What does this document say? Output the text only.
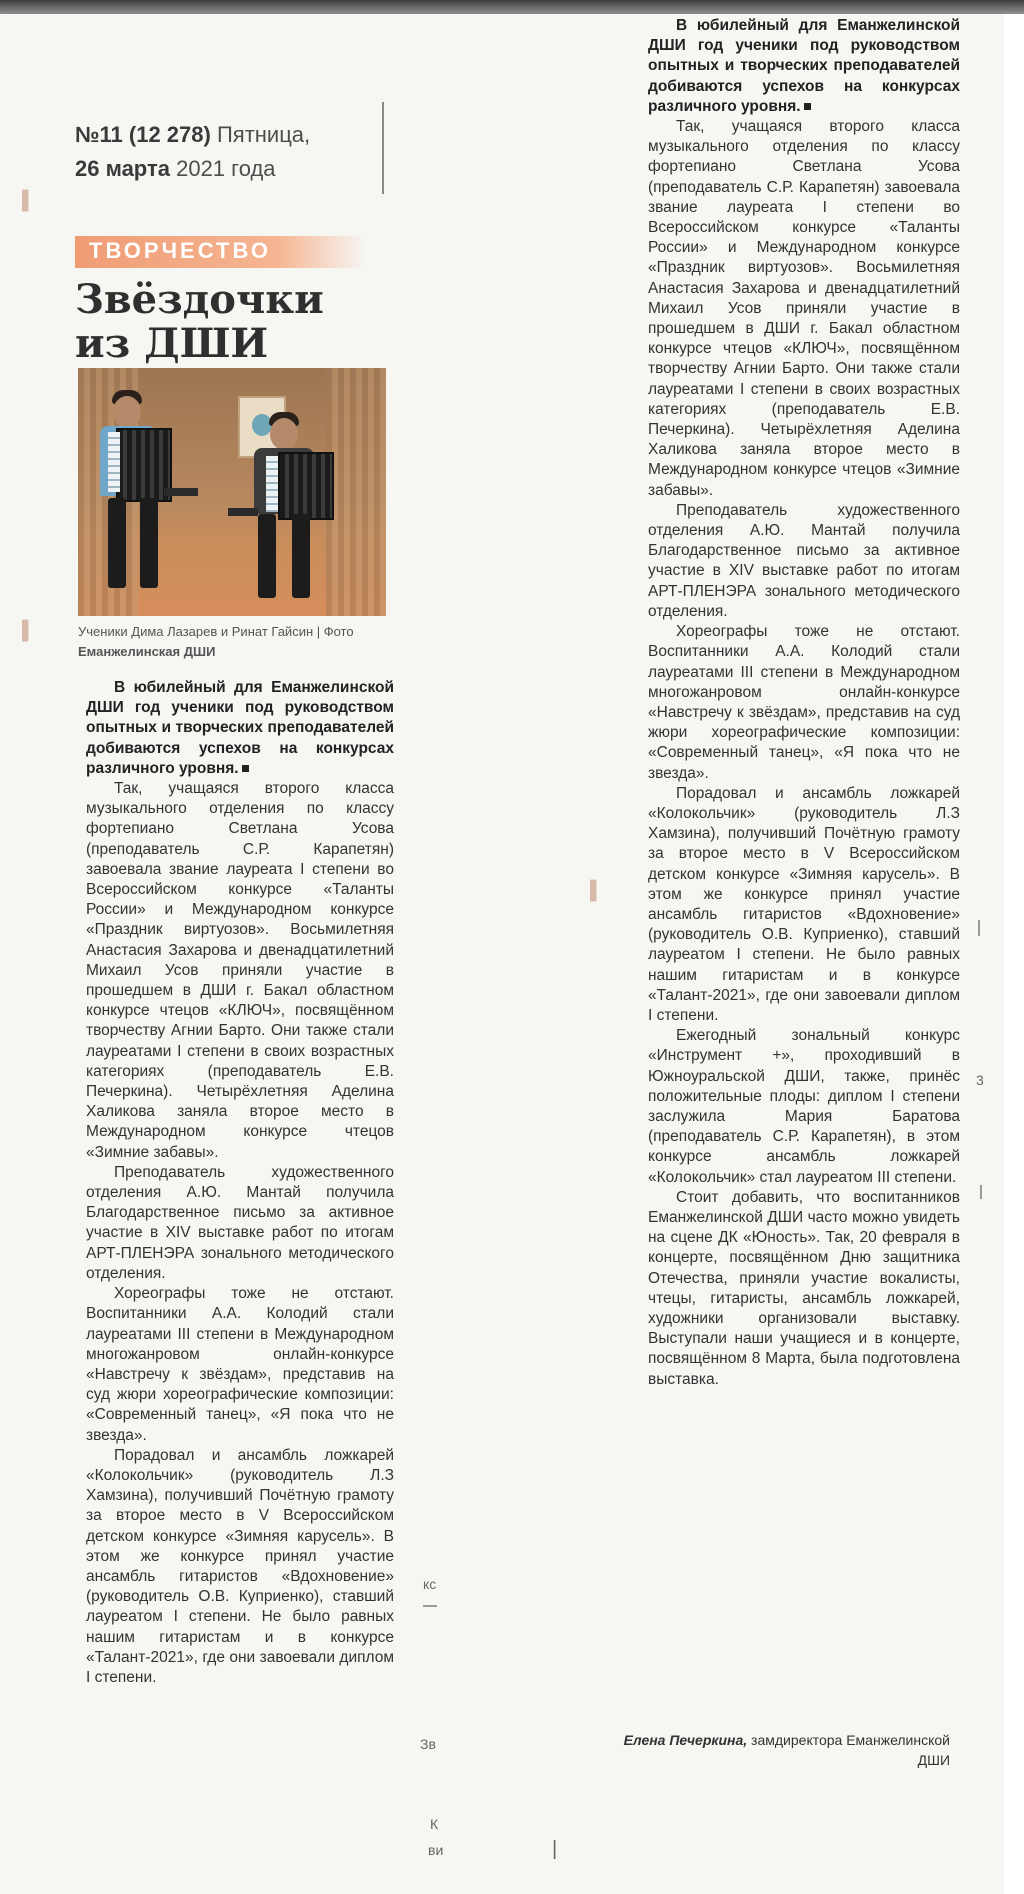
▌
▌
▌
№11 (12 278) Пятница,
26 марта 2021 года
ТВОРЧЕСТВО
Звёздочки
из ДШИ
Ученики Дима Лазарев и Ринат Гайсин | Фото Еманжелинская ДШИ

В юбилейный для Еманжелинской ДШИ год ученики под руководством опытных и творческих преподавателей добиваются успехов на конкурсах различного уровня.

Так, учащаяся второго класса музыкального отделения по классу фортепиано Светлана Усова (преподаватель С.Р. Карапетян) завоевала звание лауреата I степени во Всероссийском конкурсе «Таланты России» и Международном конкурсе «Праздник виртуозов». Восьмилетняя Анастасия Захарова и двенадцатилетний Михаил Усов приняли участие в прошедшем в ДШИ г. Бакал областном конкурсе чтецов «КЛЮЧ», посвящённом творчеству Агнии Барто. Они также стали лауреатами I степени в своих возрастных категориях (преподаватель Е.В. Печеркина). Четырёхлетняя Аделина Халикова заняла второе место в Международном конкурсе чтецов «Зимние забавы».

Преподаватель художественного отделения А.Ю. Мантай получила Благодарственное письмо за активное участие в XIV выставке работ по итогам АРТ-ПЛЕНЭРА зонального методического отделения.

Хореографы тоже не отстают. Воспитанники А.А. Колодий стали лауреатами III степени в Международном многожанровом онлайн-конкурсе «Навстречу к звёздам», представив на суд жюри хореографические композиции: «Современный танец», «Я пока что не звезда».

Порадовал и ансамбль ложкарей «Колокольчик» (руководитель Л.З Хамзина), получивший Почётную грамоту за второе место в V Всероссийском детском конкурсе «Зимняя карусель». В этом же конкурсе принял участие ансамбль гитаристов «Вдохновение» (руководитель О.В. Куприенко), ставший лауреатом I степени. Не было равных нашим гитаристам и в конкурсе «Талант-2021», где они завоевали диплом I степени.

В юбилейный для Еманжелинской ДШИ год ученики под руководством опытных и творческих преподавателей добиваются успехов на конкурсах различного уровня.

Так, учащаяся второго класса музыкального отделения по классу фортепиано Светлана Усова (преподаватель С.Р. Карапетян) завоевала звание лауреата I степени во Всероссийском конкурсе «Таланты России» и Международном конкурсе «Праздник виртуозов». Восьмилетняя Анастасия Захарова и двенадцатилетний Михаил Усов приняли участие в прошедшем в ДШИ г. Бакал областном конкурсе чтецов «КЛЮЧ», посвящённом творчеству Агнии Барто. Они также стали лауреатами I степени в своих возрастных категориях (преподаватель Е.В. Печеркина). Четырёхлетняя Аделина Халикова заняла второе место в Международном конкурсе чтецов «Зимние забавы».

Преподаватель художественного отделения А.Ю. Мантай получила Благодарственное письмо за активное участие в XIV выставке работ по итогам АРТ-ПЛЕНЭРА зонального методического отделения.

Хореографы тоже не отстают. Воспитанники А.А. Колодий стали лауреатами III степени в Международном многожанровом онлайн-конкурсе «Навстречу к звёздам», представив на суд жюри хореографические композиции: «Современный танец», «Я пока что не звезда».

Порадовал и ансамбль ложкарей «Колокольчик» (руководитель Л.З Хамзина), получивший Почётную грамоту за второе место в V Всероссийском детском конкурсе «Зимняя карусель». В этом же конкурсе принял участие ансамбль гитаристов «Вдохновение» (руководитель О.В. Куприенко), ставший лауреатом I степени. Не было равных нашим гитаристам и в конкурсе «Талант-2021», где они завоевали диплом I степени.

Ежегодный зональный конкурс «Инструмент +», проходивший в Южноуральской ДШИ, также, принёс положительные плоды: диплом I степени заслужила Мария Баратова (преподаватель С.Р. Карапетян), в этом конкурсе ансамбль ложкарей «Колокольчик» стал лауреатом III степени.

Стоит добавить, что воспитанников Еманжелинской ДШИ часто можно увидеть на сцене ДК «Юность». Так, 20 февраля в концерте, посвящённом Дню защитника Отечества, приняли участие вокалисты, чтецы, гитаристы, ансамбль ложкарей, художники организовали выставку. Выступали наши учащиеся и в концерте, посвящённом 8 Марта, была подготовлена выставка.

Елена Печеркина, замдиректора Еманжелинской ДШИ
кс
Зв
К
ви
3
|
